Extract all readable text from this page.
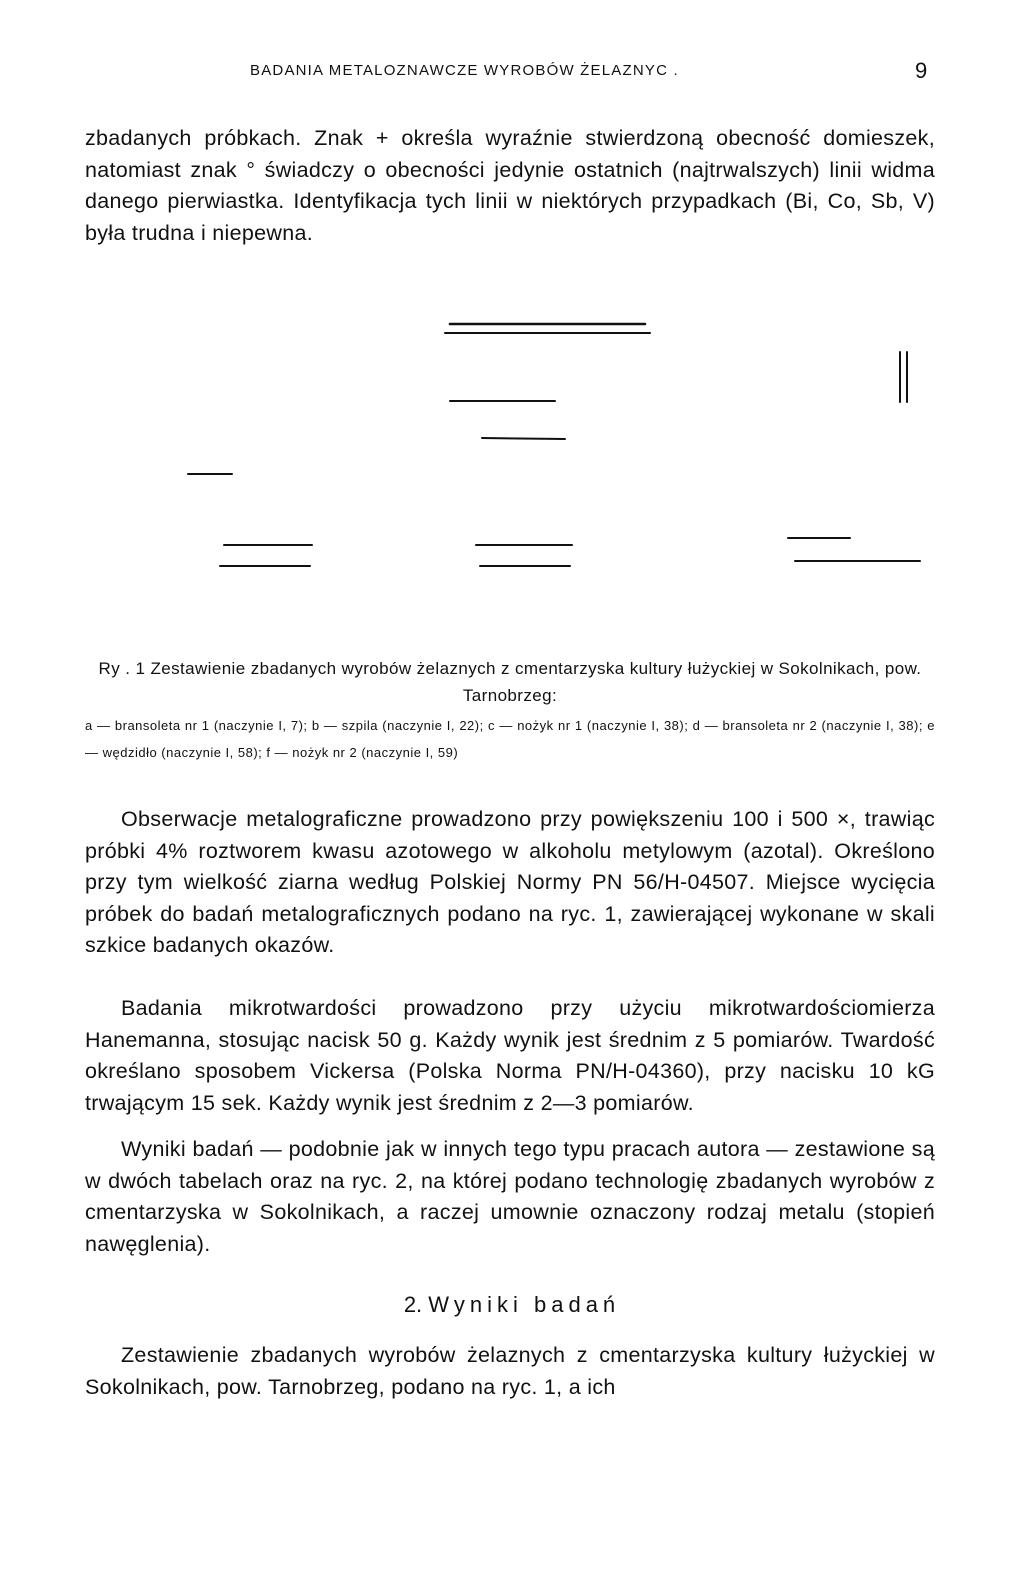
BADANIA METALOZNAWCZE WYROBÓW ŻELAZNYC .	9

zbadanych próbkach. Znak + określa wyraźnie stwierdzoną obecność domieszek, natomiast znak ° świadczy o obecności jedynie ostatnich (najtrwalszych) linii widma danego pierwiastka. Identyfikacja tych linii w niektórych przypadkach (Bi, Co, Sb, V) była trudna i niepewna.

Ry . 1 Zestawienie zbadanych wyrobów żelaznych z cmentarzyska kultury łużyckiej w Sokolnikach, pow. Tarnobrzeg:

a — bransoleta nr 1 (naczynie I, 7); b — szpila (naczynie I, 22); c — nożyk nr 1 (naczynie I, 38); d — bransoleta nr 2 (naczynie I, 38); e — wędzidło (naczynie I, 58); f — nożyk nr 2 (naczynie I, 59)

Obserwacje metalograficzne prowadzono przy powiększeniu 100 i 500 ×, trawiąc próbki 4% roztworem kwasu azotowego w alkoholu metylowym (azotal). Określono przy tym wielkość ziarna według Polskiej Normy PN 56/H-04507. Miejsce wycięcia próbek do badań metalograficznych podano na ryc. 1, zawierającej wykonane w skali szkice badanych okazów.

Badania mikrotwardości prowadzono przy użyciu mikrotwardościomierza Hanemanna, stosując nacisk 50 g. Każdy wynik jest średnim z 5 pomiarów. Twardość określano sposobem Vickersa (Polska Norma PN/H-04360), przy nacisku 10 kG trwającym 15 sek. Każdy wynik jest średnim z 2—3 pomiarów.

Wyniki badań — podobnie jak w innych tego typu pracach autora — zestawione są w dwóch tabelach oraz na ryc. 2, na której podano technologię zbadanych wyrobów z cmentarzyska w Sokolnikach, a raczej umownie oznaczony rodzaj metalu (stopień nawęglenia).

2. Wyniki badań

Zestawienie zbadanych wyrobów żelaznych z cmentarzyska kultury łużyckiej w Sokolnikach, pow. Tarnobrzeg, podano na ryc. 1, a ich
